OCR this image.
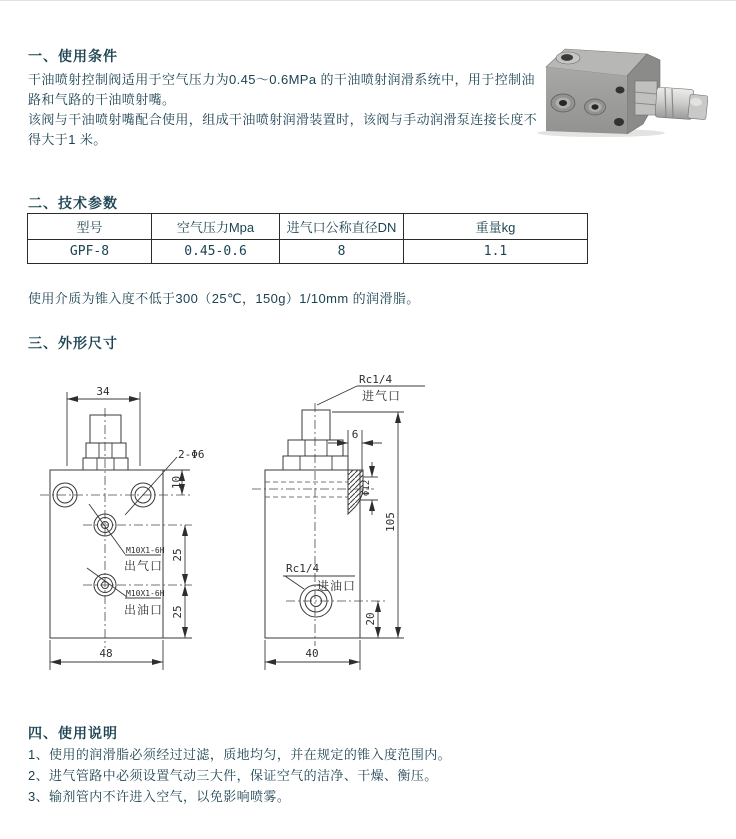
一、使用条件
干油喷射控制阀适用于空气压力为0.45～0.6MPa 的干油喷射润滑系统中，用于控制油
路和气路的干油喷射嘴。
该阀与干油喷射嘴配合使用，组成干油喷射润滑装置时，该阀与手动润滑泵连接长度不
得大于1 米。
二、技术参数
型号	空气压力Mpa	进气口公称直径DN	重量kg
GPF-8	0.45-0.6	8	1.1
使用介质为锥入度不低于300（25℃，150g）1/10mm 的润滑脂。
三、外形尺寸
34
2-Φ6
10
M10X1-6H
出气口
M10X1-6H
出油口
25
25
48
Rc1/4
进气口
6
Φ12
105
Rc1/4
进油口
20
40
四、使用说明
1、使用的润滑脂必须经过过滤，质地均匀，并在规定的锥入度范围内。
2、进气管路中必须设置气动三大件，保证空气的洁净、干燥、衡压。
3、输剂管内不许进入空气，以免影响喷雾。
